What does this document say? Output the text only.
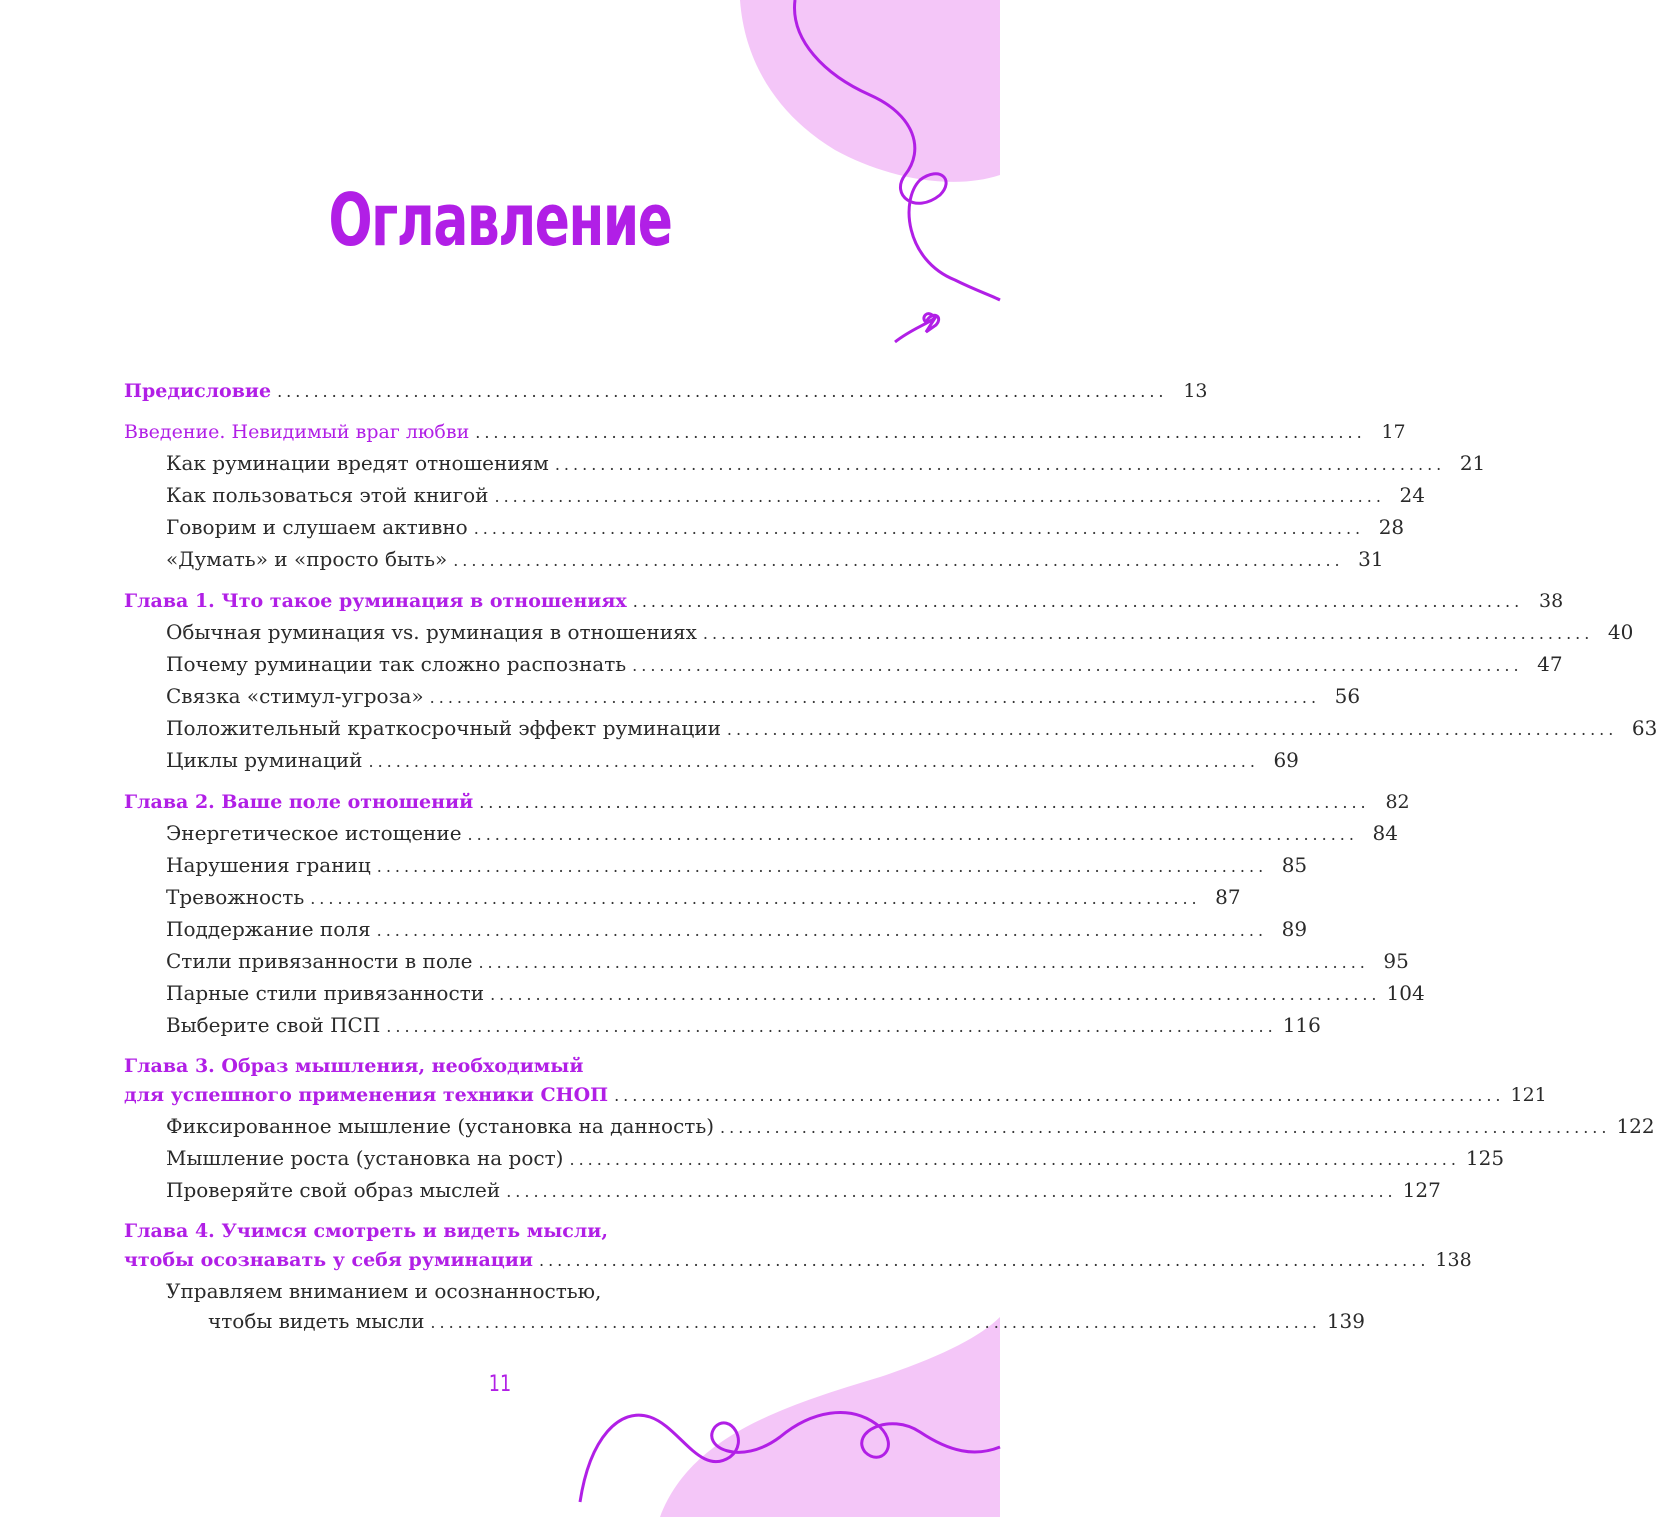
Оглавление
Предисловие .................................................................................................. 13
Введение. Невидимый враг любви .................................................................................................. 17
Как руминации вредят отношениям .................................................................................................. 21
Как пользоваться этой книгой .................................................................................................. 24
Говорим и слушаем активно .................................................................................................. 28
«Думать» и «просто быть» .................................................................................................. 31
Глава 1. Что такое руминация в отношениях .................................................................................................. 38
Обычная руминация vs. руминация в отношениях .................................................................................................. 40
Почему руминации так сложно распознать .................................................................................................. 47
Связка «стимул-угроза» .................................................................................................. 56
Положительный краткосрочный эффект руминации .................................................................................................. 63
Циклы руминаций .................................................................................................. 69
Глава 2. Ваше поле отношений .................................................................................................. 82
Энергетическое истощение .................................................................................................. 84
Нарушения границ .................................................................................................. 85
Тревожность .................................................................................................. 87
Поддержание поля .................................................................................................. 89
Стили привязанности в поле .................................................................................................. 95
Парные стили привязанности .................................................................................................. 104
Выберите свой ПСП .................................................................................................. 116
Глава 3. Образ мышления, необходимый
для успешного применения техники СНОП .................................................................................................. 121
Фиксированное мышление (установка на данность) .................................................................................................. 122
Мышление роста (установка на рост) .................................................................................................. 125
Проверяйте свой образ мыслей .................................................................................................. 127
Глава 4. Учимся смотреть и видеть мысли,
чтобы осознавать у себя руминации .................................................................................................. 138
Управляем вниманием и осознанностью,
чтобы видеть мысли .................................................................................................. 139
11
